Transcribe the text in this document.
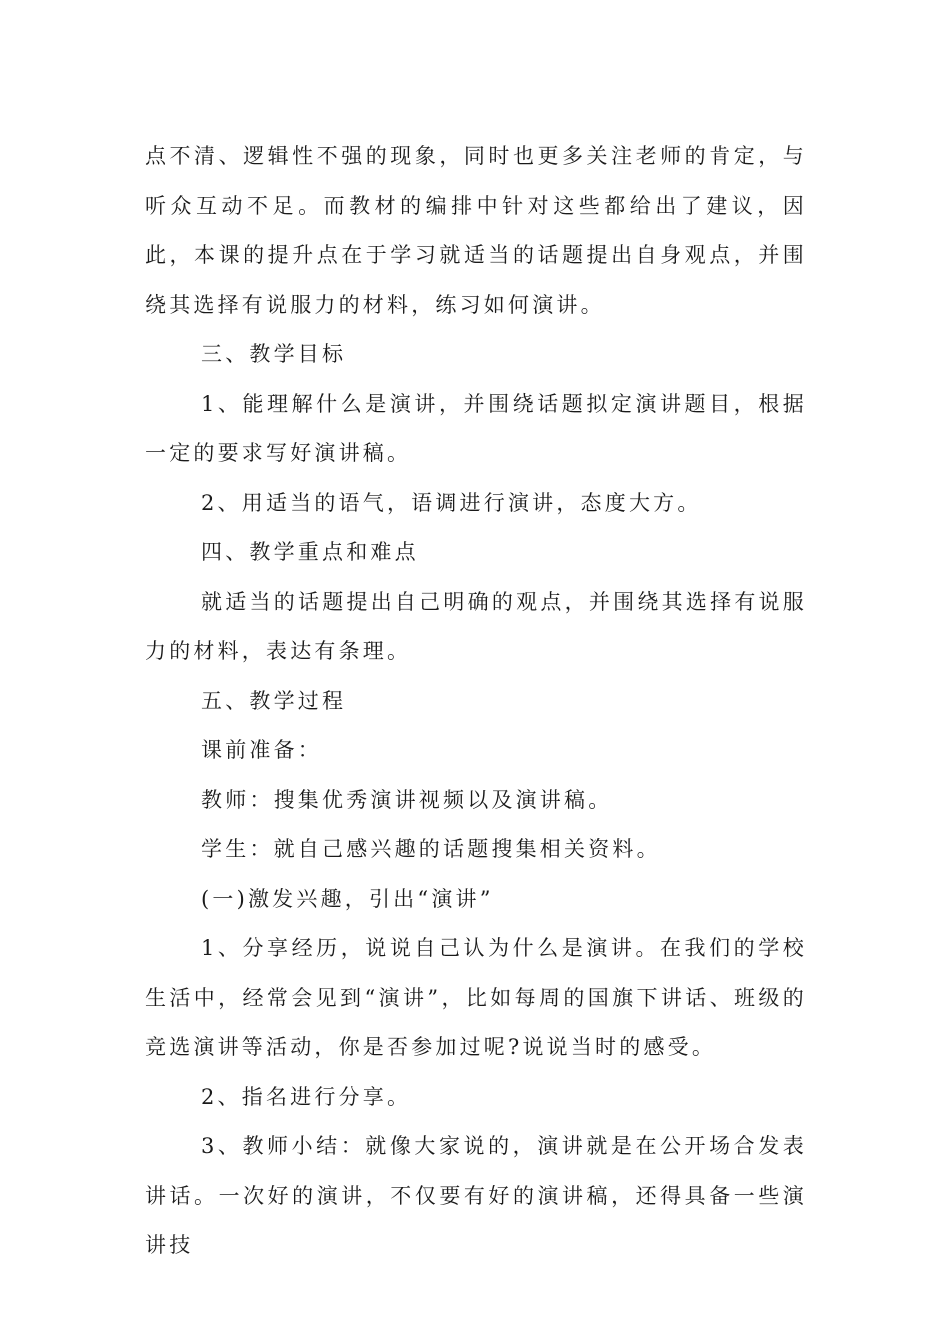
点不清、逻辑性不强的现象，同时也更多关注老师的肯定，与听众互动不足。而教材的编排中针对这些都给出了建议，因此，本课的提升点在于学习就适当的话题提出自身观点，并围绕其选择有说服力的材料，练习如何演讲。

三、教学目标

1、能理解什么是演讲，并围绕话题拟定演讲题目，根据一定的要求写好演讲稿。

2、用适当的语气，语调进行演讲，态度大方。

四、教学重点和难点

就适当的话题提出自己明确的观点，并围绕其选择有说服力的材料，表达有条理。

五、教学过程

课前准备：

教师：搜集优秀演讲视频以及演讲稿。

学生：就自己感兴趣的话题搜集相关资料。

(一)激发兴趣，引出“演讲”

1、分享经历，说说自己认为什么是演讲。在我们的学校生活中，经常会见到“演讲”，比如每周的国旗下讲话、班级的竞选演讲等活动，你是否参加过呢?说说当时的感受。

2、指名进行分享。

3、教师小结：就像大家说的，演讲就是在公开场合发表讲话。一次好的演讲，不仅要有好的演讲稿，还得具备一些演讲技
